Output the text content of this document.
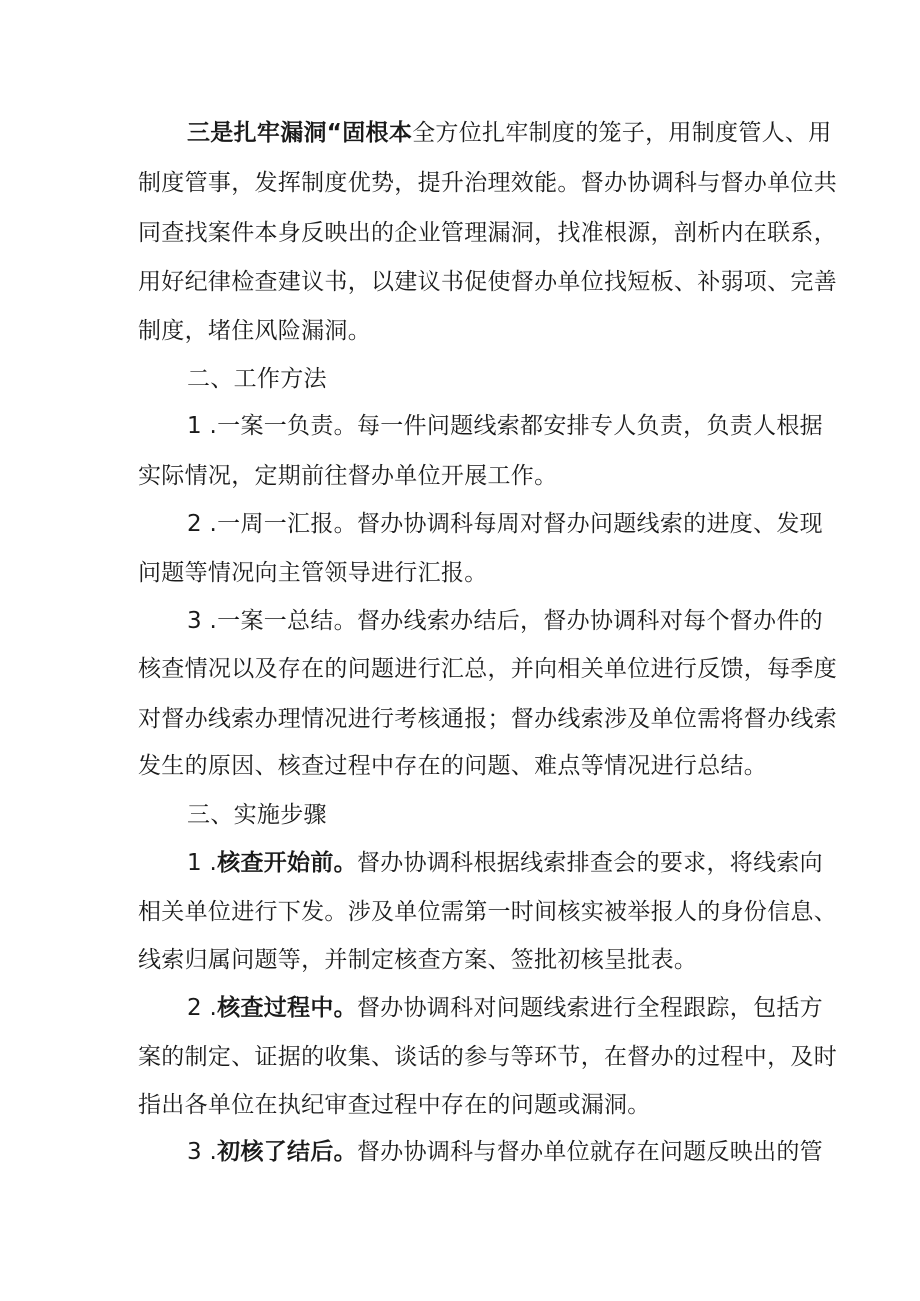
三是扎牢漏洞“固根本全方位扎牢制度的笼子，用制度管人、用
制度管事，发挥制度优势，提升治理效能。督办协调科与督办单位共
同查找案件本身反映出的企业管理漏洞，找准根源，剖析内在联系，
用好纪律检查建议书，以建议书促使督办单位找短板、补弱项、完善
制度，堵住风险漏洞。
二、工作方法
1 .一案一负责。每一件问题线索都安排专人负责，负责人根据
实际情况，定期前往督办单位开展工作。
2 .一周一汇报。督办协调科每周对督办问题线索的进度、发现
问题等情况向主管领导进行汇报。
3 .一案一总结。督办线索办结后，督办协调科对每个督办件的
核查情况以及存在的问题进行汇总，并向相关单位进行反馈，每季度
对督办线索办理情况进行考核通报；督办线索涉及单位需将督办线索
发生的原因、核查过程中存在的问题、难点等情况进行总结。
三、实施步骤
1 .核查开始前。督办协调科根据线索排查会的要求，将线索向
相关单位进行下发。涉及单位需第一时间核实被举报人的身份信息、
线索归属问题等，并制定核查方案、签批初核呈批表。
2 .核查过程中。督办协调科对问题线索进行全程跟踪，包括方
案的制定、证据的收集、谈话的参与等环节，在督办的过程中，及时
指出各单位在执纪审查过程中存在的问题或漏洞。
3 .初核了结后。督办协调科与督办单位就存在问题反映出的管
